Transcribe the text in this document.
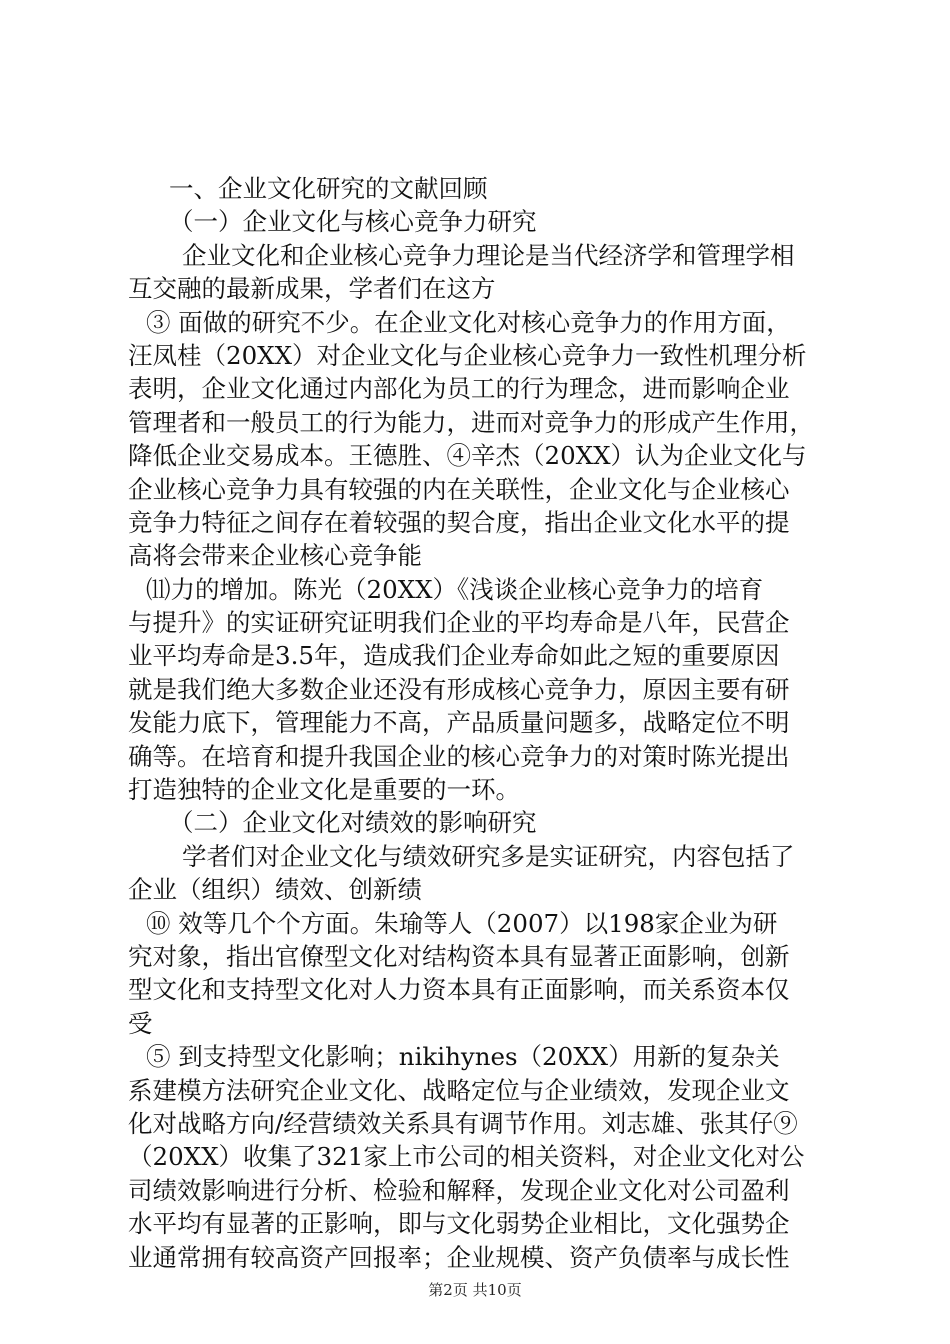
一、企业文化研究的文献回顾
（一）企业文化与核心竞争力研究
企业文化和企业核心竞争力理论是当代经济学和管理学相
互交融的最新成果，学者们在这方
③ 面做的研究不少。在企业文化对核心竞争力的作用方面，
汪凤桂（20XX）对企业文化与企业核心竞争力一致性机理分析
表明，企业文化通过内部化为员工的行为理念，进而影响企业
管理者和一般员工的行为能力，进而对竞争力的形成产生作用，
降低企业交易成本。王德胜、④辛杰（20XX）认为企业文化与
企业核心竞争力具有较强的内在关联性，企业文化与企业核心
竞争力特征之间存在着较强的契合度，指出企业文化水平的提
高将会带来企业核心竞争能
⑾力的增加。陈光（20XX）《浅谈企业核心竞争力的培育
与提升》的实证研究证明我们企业的平均寿命是八年，民营企
业平均寿命是3.5年，造成我们企业寿命如此之短的重要原因
就是我们绝大多数企业还没有形成核心竞争力，原因主要有研
发能力底下，管理能力不高，产品质量问题多，战略定位不明
确等。在培育和提升我国企业的核心竞争力的对策时陈光提出
打造独特的企业文化是重要的一环。
（二）企业文化对绩效的影响研究
学者们对企业文化与绩效研究多是实证研究，内容包括了
企业（组织）绩效、创新绩
⑩ 效等几个个方面。朱瑜等人（2007）以198家企业为研
究对象，指出官僚型文化对结构资本具有显著正面影响，创新
型文化和支持型文化对人力资本具有正面影响，而关系资本仅
受
⑤ 到支持型文化影响；nikihynes（20XX）用新的复杂关
系建模方法研究企业文化、战略定位与企业绩效，发现企业文
化对战略方向/经营绩效关系具有调节作用。刘志雄、张其仔⑨
（20XX）收集了321家上市公司的相关资料，对企业文化对公
司绩效影响进行分析、检验和解释，发现企业文化对公司盈利
水平均有显著的正影响，即与文化弱势企业相比，文化强势企
业通常拥有较高资产回报率；企业规模、资产负债率与成长性
第2页 共10页
